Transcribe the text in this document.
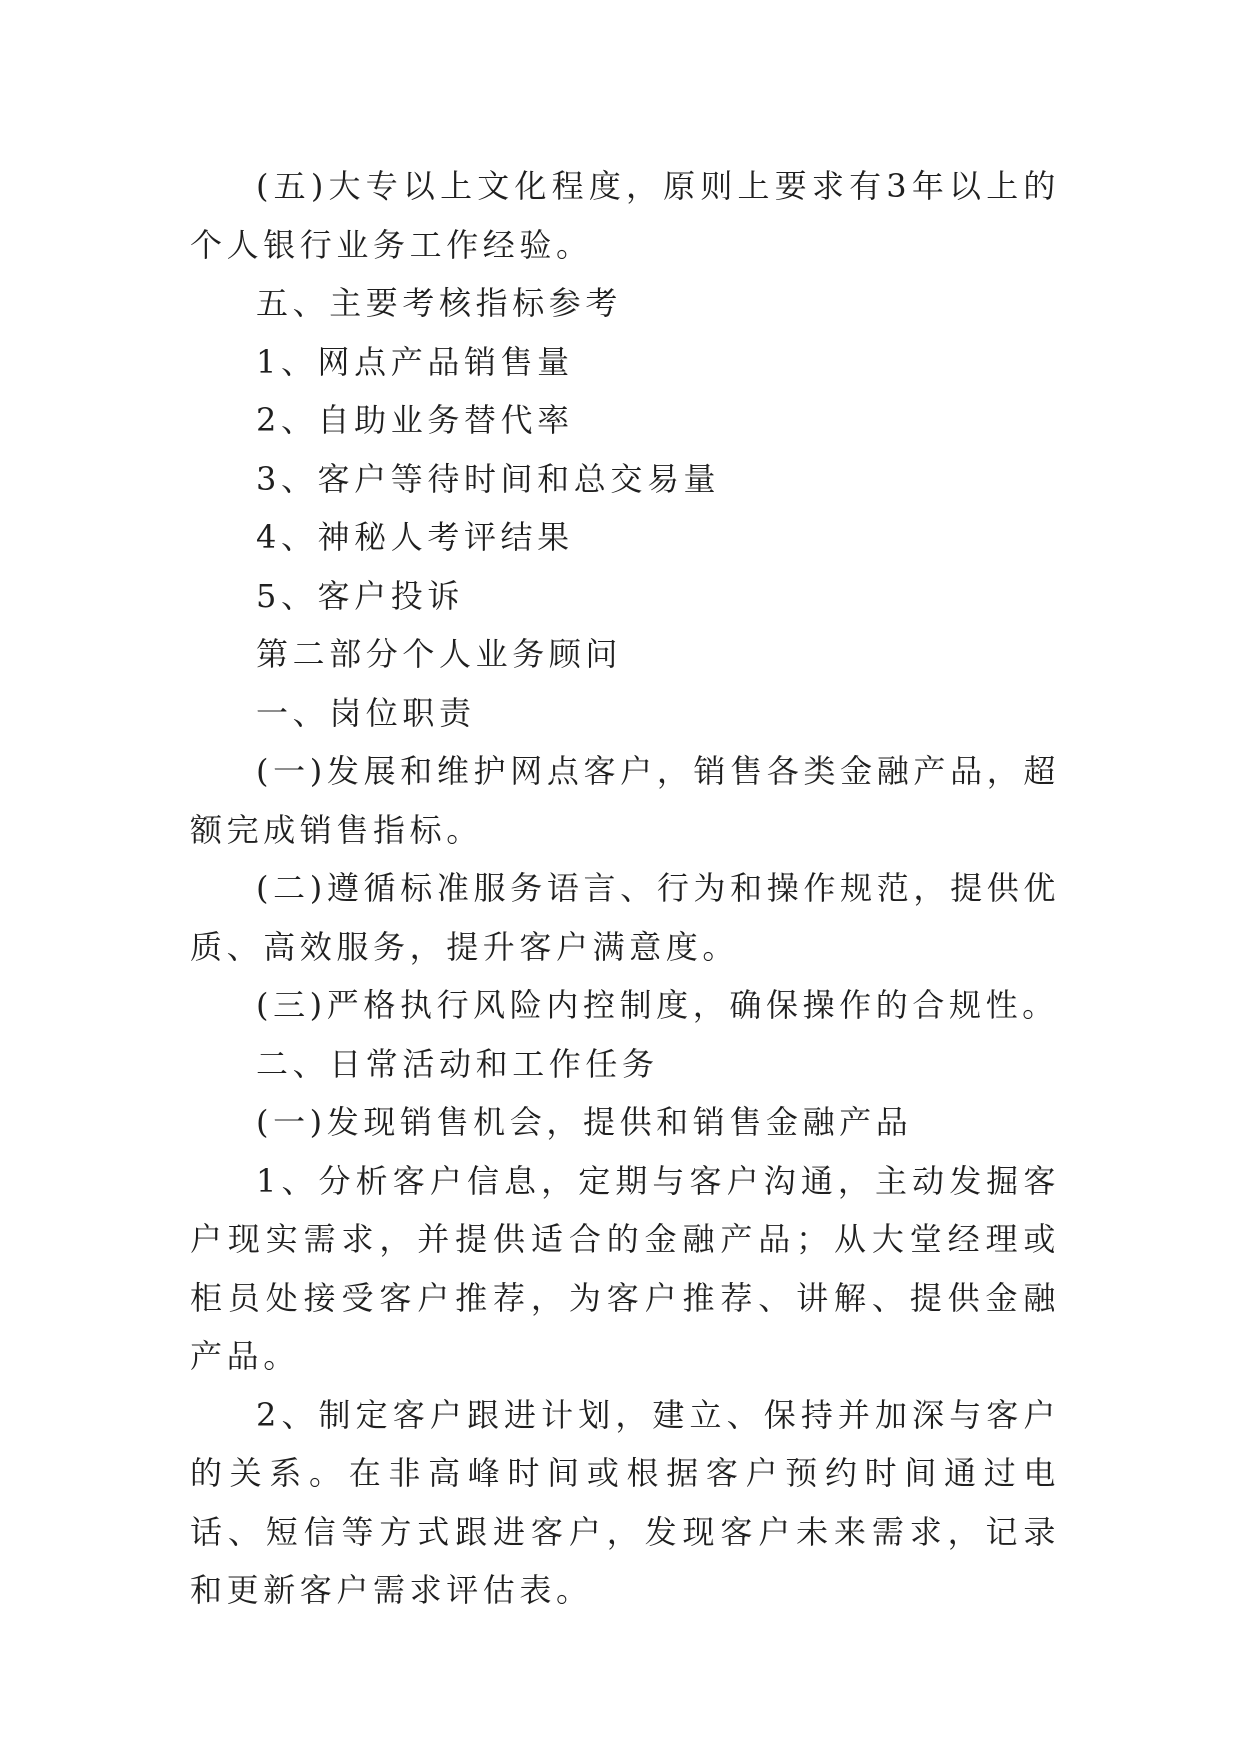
(五)大专以上文化程度，原则上要求有3年以上的个人银行业务工作经验。

五、主要考核指标参考

1、网点产品销售量

2、自助业务替代率

3、客户等待时间和总交易量

4、神秘人考评结果

5、客户投诉

第二部分个人业务顾问

一、岗位职责

(一)发展和维护网点客户，销售各类金融产品，超额完成销售指标。

(二)遵循标准服务语言、行为和操作规范，提供优质、高效服务，提升客户满意度。

(三)严格执行风险内控制度，确保操作的合规性。

二、日常活动和工作任务

(一)发现销售机会，提供和销售金融产品

1、分析客户信息，定期与客户沟通，主动发掘客户现实需求，并提供适合的金融产品；从大堂经理或柜员处接受客户推荐，为客户推荐、讲解、提供金融产品。

2、制定客户跟进计划，建立、保持并加深与客户的关系。在非高峰时间或根据客户预约时间通过电话、短信等方式跟进客户，发现客户未来需求，记录和更新客户需求评估表。
